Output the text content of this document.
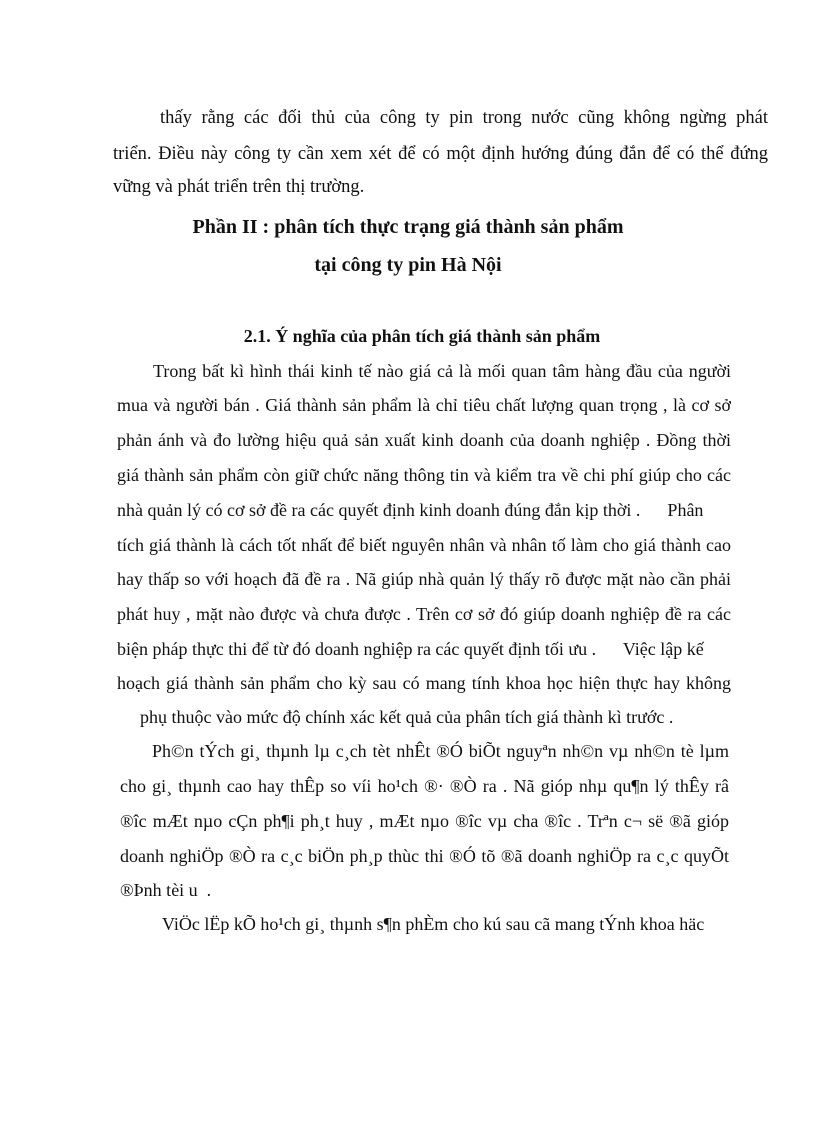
thấy rằng các đối thủ của công ty pin trong nước cũng không ngừng phát
triển. Điều này công ty cần xem xét để có một định hướng đúng đắn để có thể đứng
vững và phát triển trên thị trường.
Phần II : phân tích thực trạng giá thành sản phẩm
tại công ty pin Hà Nội
2.1. Ý nghĩa của phân tích giá thành sản phẩm
Trong bất kì hình thái kinh tế nào giá cả là mối quan tâm hàng đầu của người
mua và người bán . Giá thành sản phẩm là chỉ tiêu chất lượng quan trọng , là cơ sở
phản ánh và đo lường hiệu quả sản xuất kinh doanh của doanh nghiệp . Đồng thời
giá thành sản phẩm còn giữ chức năng thông tin và kiểm tra về chi phí giúp cho các
nhà quản lý có cơ sở đề ra các quyết định kinh doanh đúng đắn kịp thời .      Phân
tích giá thành là cách tốt nhất để biết nguyên nhân và nhân tố làm cho giá thành cao
hay thấp so với hoạch đã đề ra . Nã giúp nhà quản lý thấy rõ được mặt nào cần phải
phát huy , mặt nào được và chưa được . Trên cơ sở đó giúp doanh nghiệp đề ra các
biện pháp thực thi để từ đó doanh nghiệp ra các quyết định tối ưu .      Việc lập kế
hoạch giá thành sản phẩm cho kỳ sau có mang tính khoa học hiện thực hay không
phụ thuộc vào mức độ chính xác kết quả của phân tích giá thành kì trước .
Ph©n tÝch gi¸ thµnh lµ c¸ch tèt nhÊt ®Ó biÕt nguyªn nh©n vµ nh©n tè lµm
cho gi¸ thµnh cao hay thÊp so víi ho¹ch ®· ®Ò ra . Nã gióp nhµ qu¶n lý thÊy râ
®îc mÆt nµo cÇn ph¶i ph¸t huy , mÆt nµo ®îc vµ cha ®îc . Trªn c¬ së ®ã gióp
doanh nghiÖp ®Ò ra c¸c biÖn ph¸p thùc thi ®Ó tõ ®ã doanh nghiÖp ra c¸c quyÕt
®Þnh tèi u  .
ViÖc lËp kÕ ho¹ch gi¸ thµnh s¶n phÈm cho kú sau cã mang tÝnh khoa häc
